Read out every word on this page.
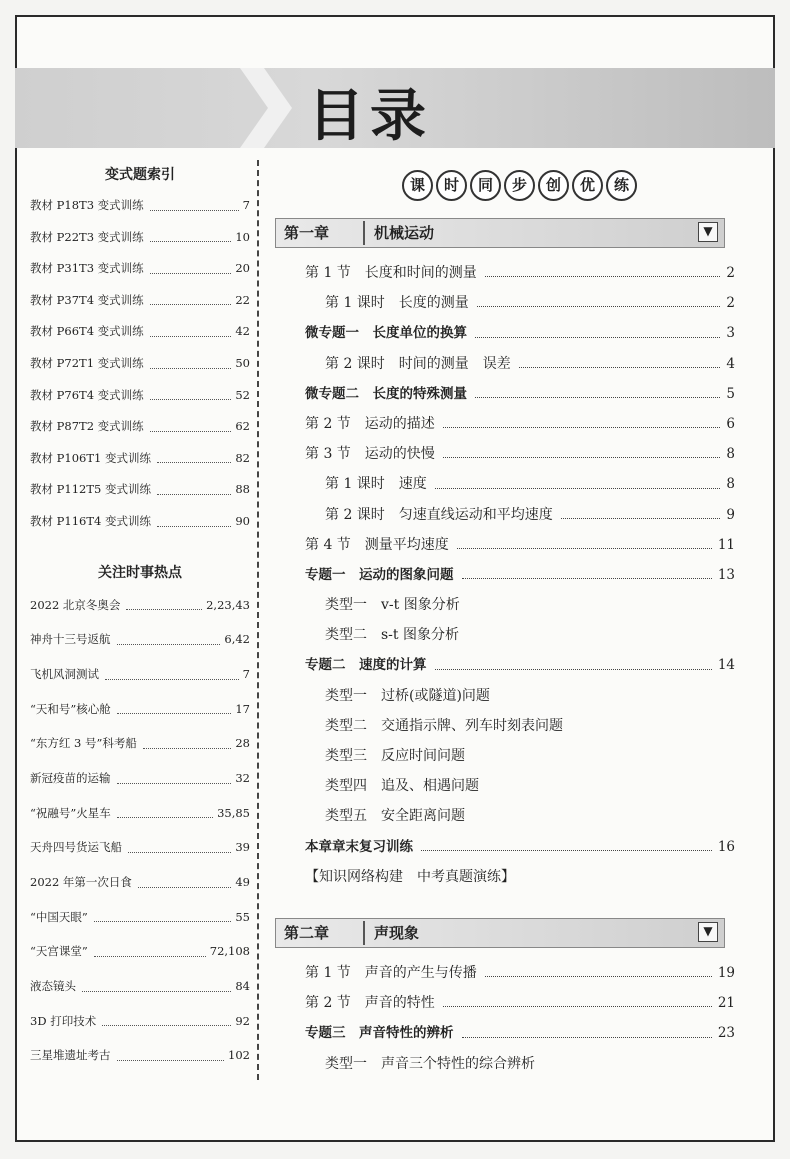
目录
变式题索引
教材 P18T3 变式训练	7
教材 P22T3 变式训练	10
教材 P31T3 变式训练	20
教材 P37T4 变式训练	22
教材 P66T4 变式训练	42
教材 P72T1 变式训练	50
教材 P76T4 变式训练	52
教材 P87T2 变式训练	62
教材 P106T1 变式训练	82
教材 P112T5 变式训练	88
教材 P116T4 变式训练	90
关注时事热点
2022 北京冬奥会	2,23,43
神舟十三号返航	6,42
飞机风洞测试	7
“天和号”核心舱	17
“东方红 3 号”科考船	28
新冠疫苗的运输	32
“祝融号”火星车	35,85
天舟四号货运飞船	39
2022 年第一次日食	49
“中国天眼”	55
“天宫课堂”	72,108
液态镜头	84
3D 打印技术	92
三星堆遗址考古	102
课	时	同	步	创	优	练
第一章	机械运动	▼
第 1 节　长度和时间的测量	2
第 1 课时　长度的测量	2
微专题一　长度单位的换算	3
第 2 课时　时间的测量　误差	4
微专题二　长度的特殊测量	5
第 2 节　运动的描述	6
第 3 节　运动的快慢	8
第 1 课时　速度	8
第 2 课时　匀速直线运动和平均速度	9
第 4 节　测量平均速度	11
专题一　运动的图象问题	13
类型一　v-t 图象分析
类型二　s-t 图象分析
专题二　速度的计算	14
类型一　过桥(或隧道)问题
类型二　交通指示牌、列车时刻表问题
类型三　反应时间问题
类型四　追及、相遇问题
类型五　安全距离问题
本章章末复习训练	16
【知识网络构建　中考真题演练】
第二章	声现象	▼
第 1 节　声音的产生与传播	19
第 2 节　声音的特性	21
专题三　声音特性的辨析	23
类型一　声音三个特性的综合辨析
